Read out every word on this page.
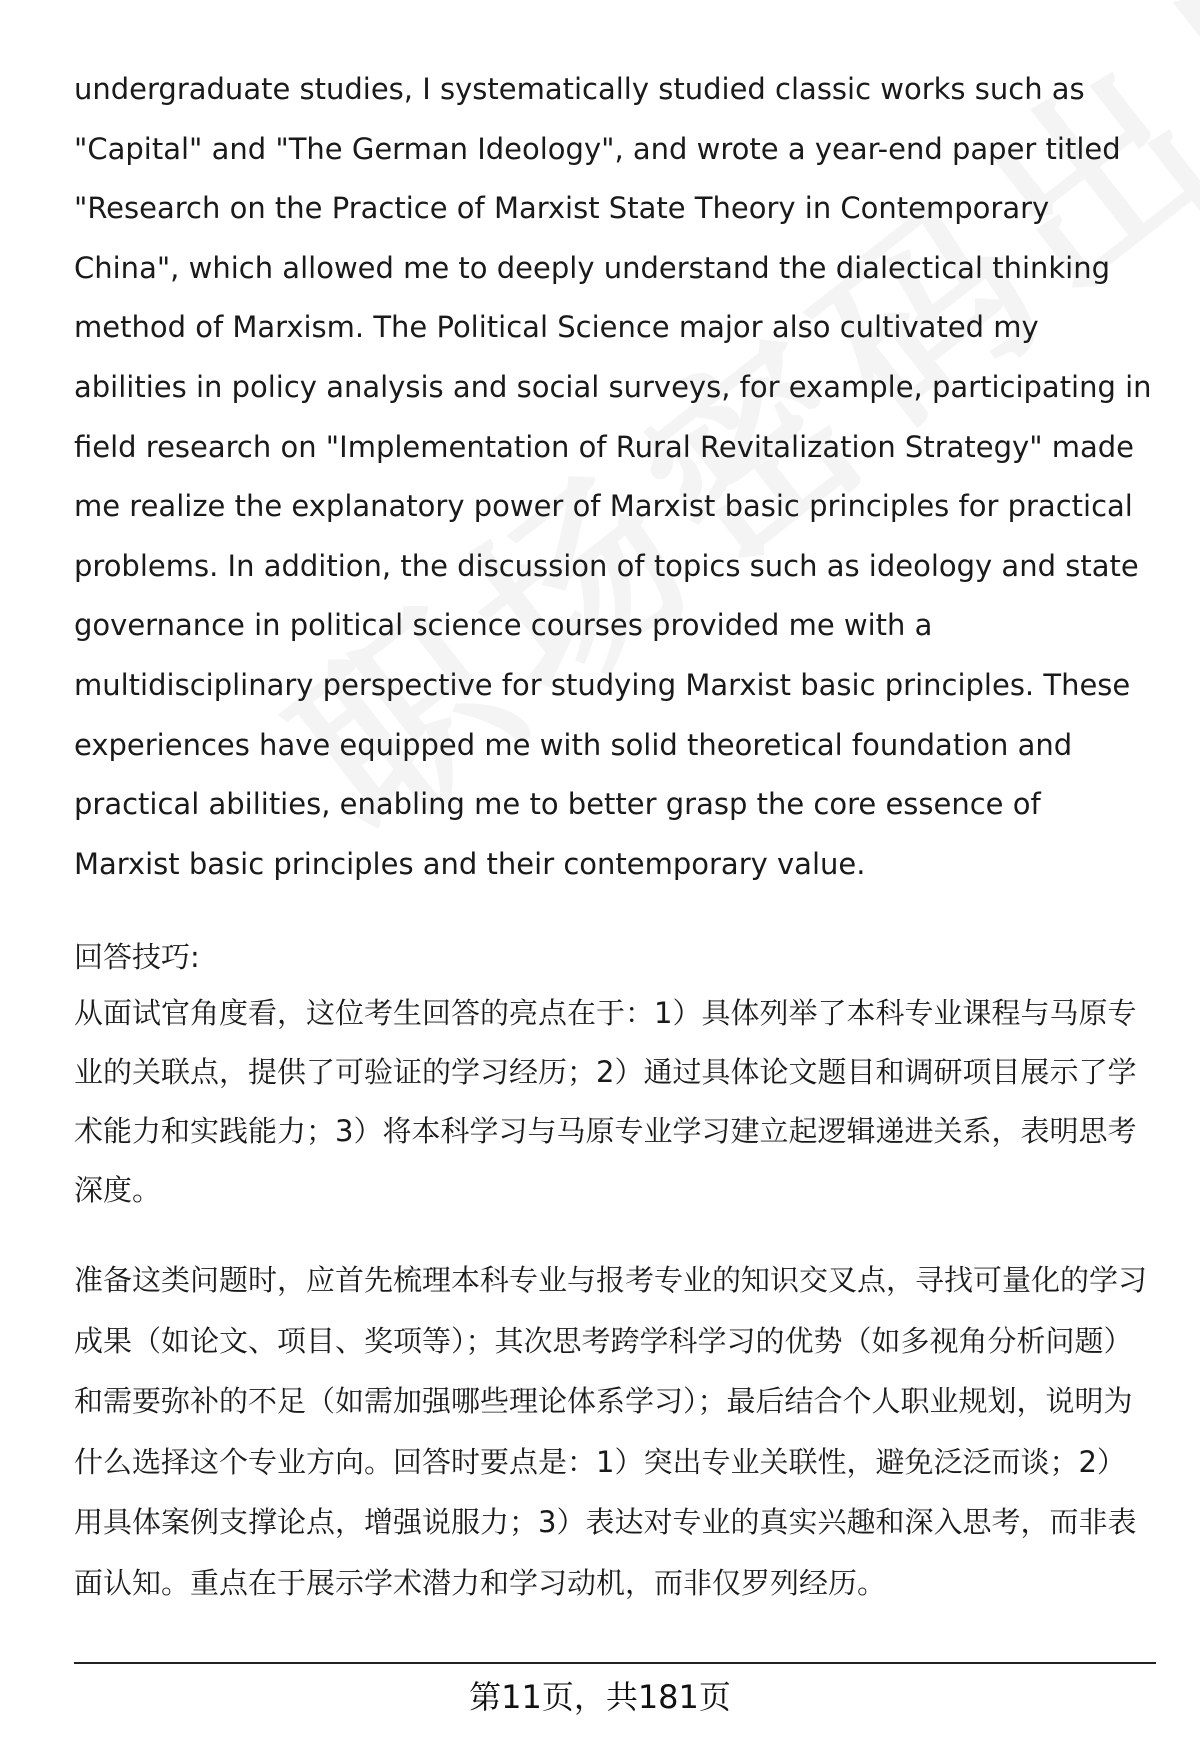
undergraduate studies, I systematically studied classic works such as "Capital" and "The German Ideology", and wrote a year-end paper titled "Research on the Practice of Marxist State Theory in Contemporary China", which allowed me to deeply understand the dialectical thinking method of Marxism. The Political Science major also cultivated my abilities in policy analysis and social surveys, for example, participating in field research on "Implementation of Rural Revitalization Strategy" made me realize the explanatory power of Marxist basic principles for practical problems. In addition, the discussion of topics such as ideology and state governance in political science courses provided me with a multidisciplinary perspective for studying Marxist basic principles. These experiences have equipped me with solid theoretical foundation and practical abilities, enabling me to better grasp the core essence of Marxist basic principles and their contemporary value.

回答技巧:

从面试官角度看，这位考生回答的亮点在于：1）具体列举了本科专业课程与马原专业的关联点，提供了可验证的学习经历；2）通过具体论文题目和调研项目展示了学术能力和实践能力；3）将本科学习与马原专业学习建立起逻辑递进关系，表明思考深度。

准备这类问题时，应首先梳理本科专业与报考专业的知识交叉点，寻找可量化的学习成果（如论文、项目、奖项等）；其次思考跨学科学习的优势（如多视角分析问题）和需要弥补的不足（如需加强哪些理论体系学习）；最后结合个人职业规划，说明为什么选择这个专业方向。回答时要点是：1）突出专业关联性，避免泛泛而谈；2）用具体案例支撑论点，增强说服力；3）表达对专业的真实兴趣和深入思考，而非表面认知。重点在于展示学术潜力和学习动机，而非仅罗列经历。

第11页，共181页
